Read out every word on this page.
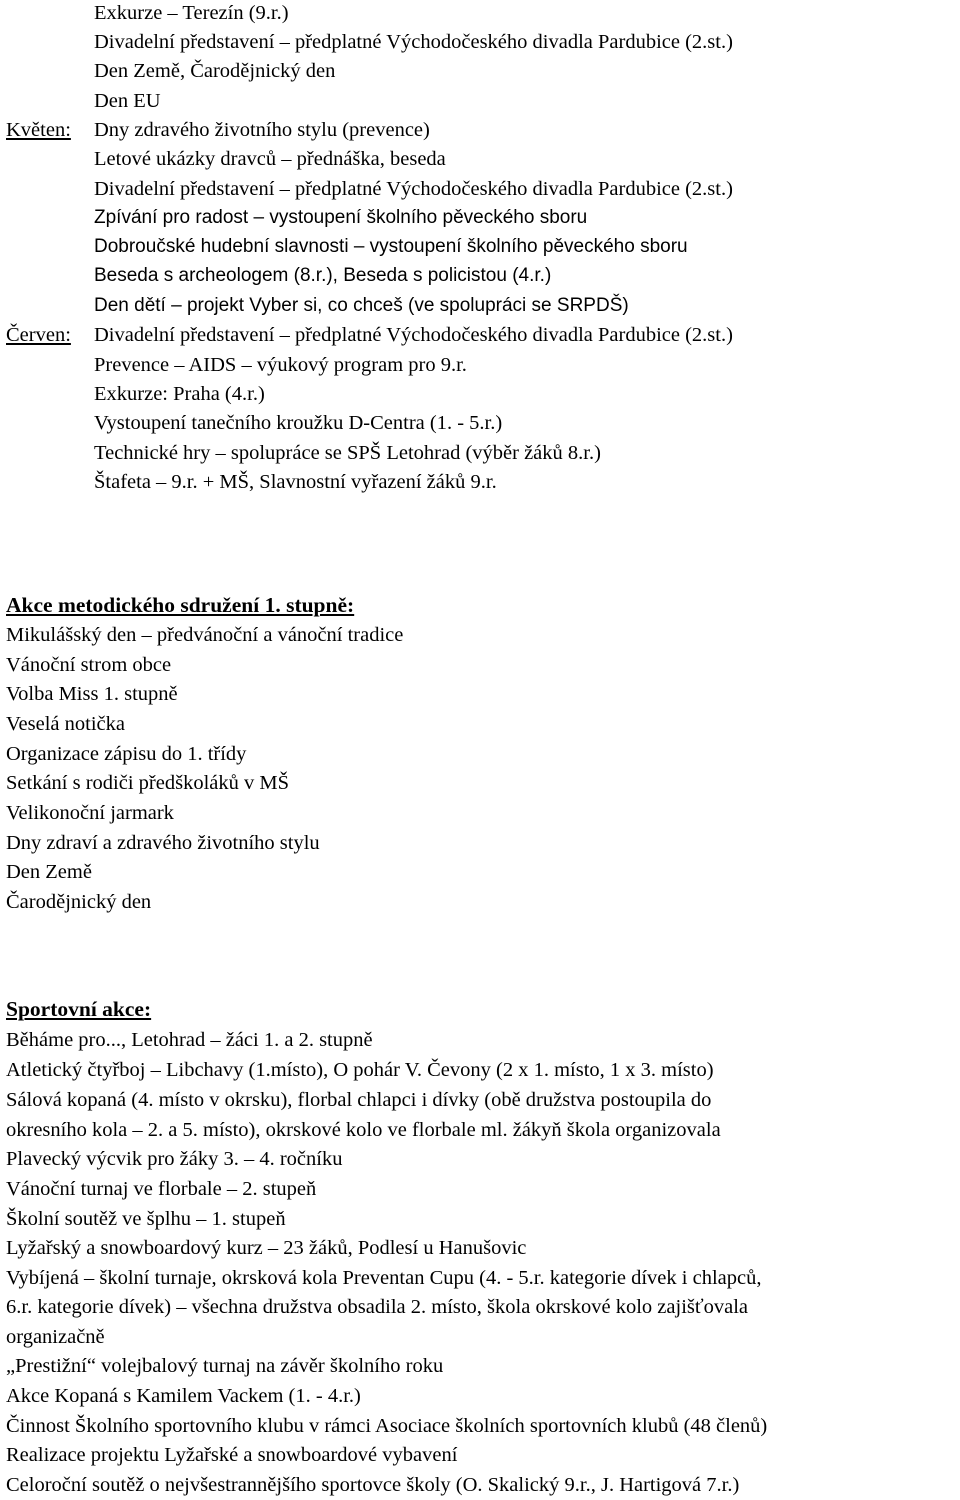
Exkurze – Terezín (9.r.)
Divadelní představení – předplatné Východočeského divadla Pardubice (2.st.)
Den Země, Čarodějnický den
Den EU
Květen: Dny zdravého životního stylu (prevence)
Letové ukázky dravců – přednáška, beseda
Divadelní představení – předplatné Východočeského divadla Pardubice (2.st.)
Zpívání pro radost – vystoupení školního pěveckého sboru
Dobroučské hudební slavnosti – vystoupení školního pěveckého sboru
Beseda s archeologem (8.r.), Beseda s policistou (4.r.)
Den dětí – projekt Vyber si, co chceš (ve spolupráci se SRPDŠ)
Červen: Divadelní představení – předplatné Východočeského divadla Pardubice (2.st.)
Prevence – AIDS – výukový program pro 9.r.
Exkurze: Praha (4.r.)
Vystoupení tanečního kroužku D-Centra (1. - 5.r.)
Technické hry – spolupráce se SPŠ Letohrad (výběr žáků 8.r.)
Štafeta – 9.r. + MŠ, Slavnostní vyřazení žáků 9.r.
Akce metodického sdružení 1. stupně:
Mikulášský den – předvánoční a vánoční tradice
Vánoční strom obce
Volba Miss 1. stupně
Veselá notička
Organizace zápisu do 1. třídy
Setkání s rodiči předškoláků v MŠ
Velikonoční jarmark
Dny zdraví a zdravého životního stylu
Den Země
Čarodějnický den
Sportovní akce:
Běháme pro..., Letohrad – žáci 1. a 2. stupně
Atletický čtyřboj – Libchavy (1.místo), O pohár V. Čevony (2 x 1. místo, 1 x 3. místo)
Sálová kopaná (4. místo v okrsku), florbal chlapci i dívky (obě družstva postoupila do
okresního kola – 2. a 5. místo), okrskové kolo ve florbale ml. žákyň škola organizovala
Plavecký výcvik pro žáky 3. – 4. ročníku
Vánoční turnaj ve florbale – 2. stupeň
Školní soutěž ve šplhu – 1. stupeň
Lyžařský a snowboardový kurz – 23 žáků, Podlesí u Hanušovic
Vybíjená – školní turnaje, okrsková kola Preventan Cupu (4. - 5.r. kategorie dívek i chlapců,
6.r. kategorie dívek) – všechna družstva obsadila 2. místo, škola okrskové kolo zajišťovala
organizačně
„Prestižní“ volejbalový turnaj na závěr školního roku
Akce Kopaná s Kamilem Vackem (1. - 4.r.)
Činnost Školního sportovního klubu v rámci Asociace školních sportovních klubů (48 členů)
Realizace projektu Lyžařské a snowboardové vybavení
Celoroční soutěž o nejvšestrannějšího sportovce školy (O. Skalický 9.r., J. Hartigová 7.r.)
